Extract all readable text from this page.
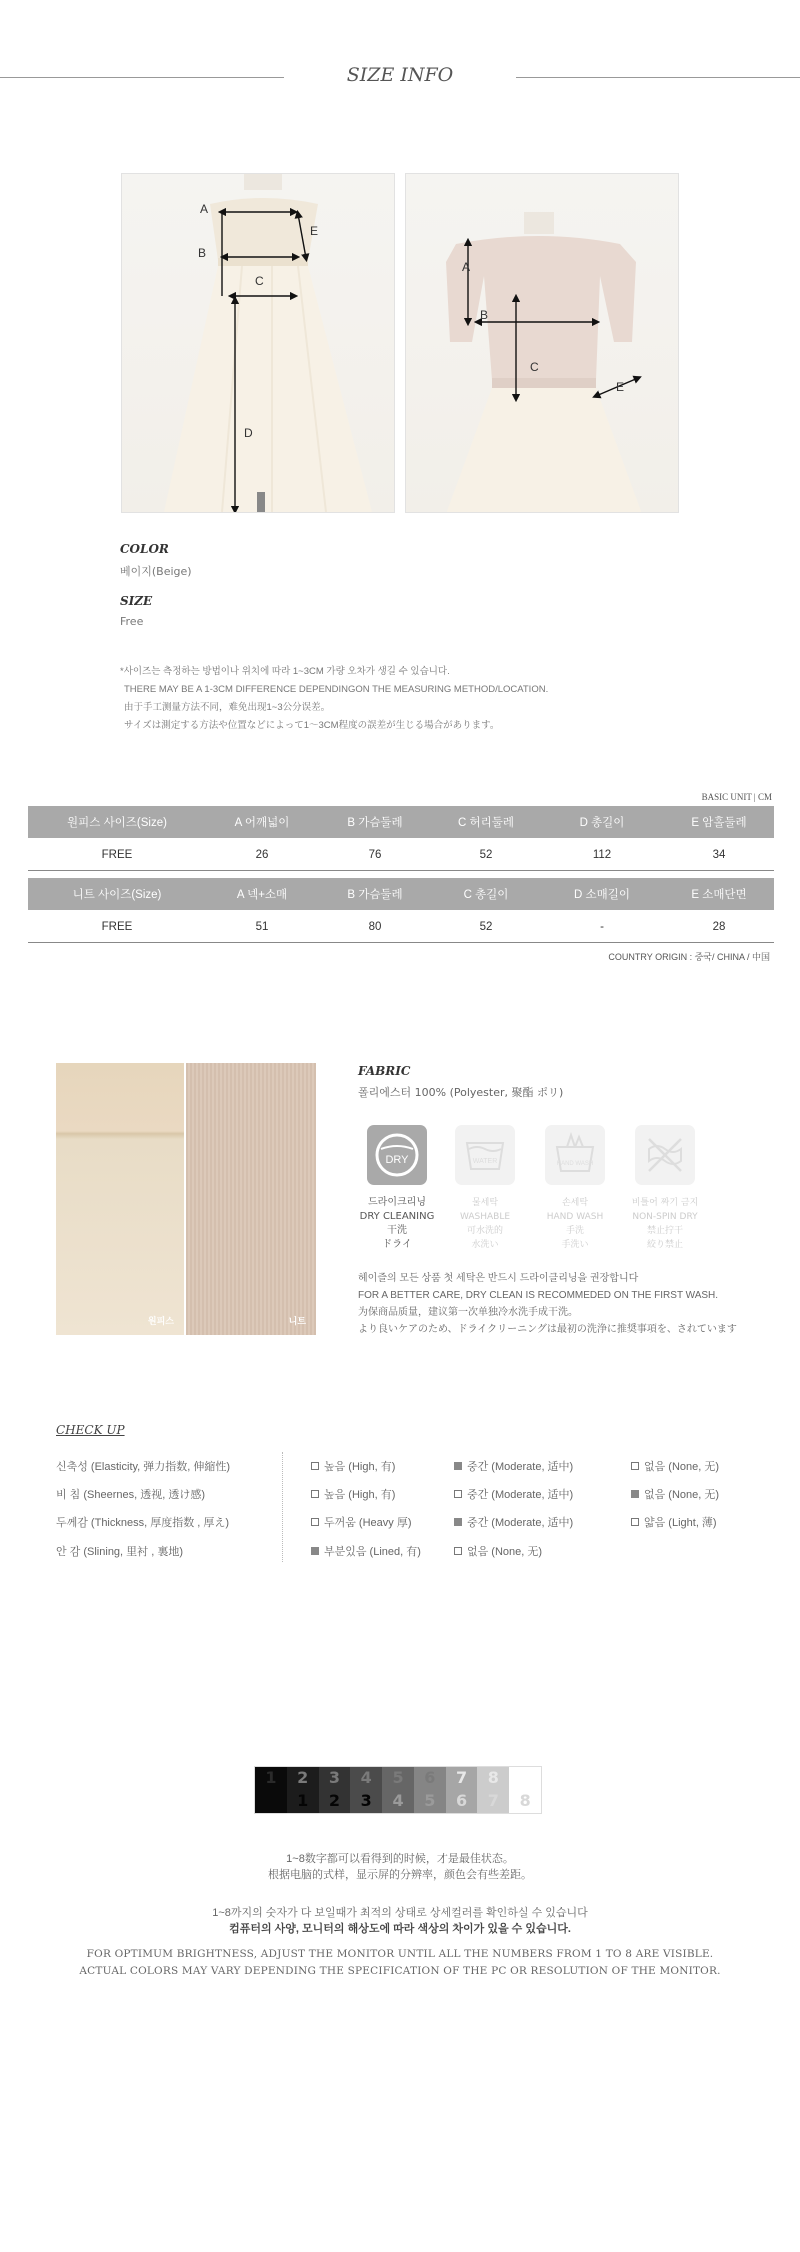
SIZE INFO
A
B
C
D
E
A
B
C
E
COLOR
베이지(Beige)
SIZE
Free
*사이즈는 측정하는 방법이나 위치에 따라 1~3CM 가량 오차가 생길 수 있습니다.
THERE MAY BE A 1-3CM DIFFERENCE DEPENDINGON THE MEASURING METHOD/LOCATION.
由于手工测量方法不同，难免出现1~3公分误差。
サイズは測定する方法や位置などによって1～3CM程度の誤差が生じる場合があります。
BASIC UNIT | CM
원피스 사이즈(Size)	A 어깨넓이	B 가슴둘레	C 허리둘레	D 총길이	E 암홀둘레
FREE	26	76	52	112	34
니트 사이즈(Size)	A 넥+소매	B 가슴둘레	C 총길이	D 소매길이	E 소매단면
FREE	51	80	52	-	28
COUNTRY ORIGIN : 중국/ CHINA / 中国
원피스	니트
FABRIC
폴리에스터 100% (Polyester, 聚酯 ポリ)
DRY	WATER	HAND WASH
드라이크리닝
DRY CLEANING
干洗
ドライ
물세탁
WASHABLE
可水洗的
水洗い
손세탁
HAND WASH
手洗
手洗い
비틀어 짜기 금지
NON-SPIN DRY
禁止拧干
絞り禁止
헤이즐의 모든 상품 첫 세탁은 반드시 드라이클리닝을 권장합니다
FOR A BETTER CARE, DRY CLEAN IS RECOMMEDED ON THE FIRST WASH.
为保商品质量，建议第一次单独冷水洗手成干洗。
より良いケアのため、ドライクリーニングは最初の洗浄に推奨事項を、されています
CHECK UP
신축성 (Elasticity, 弹力指数, 伸縮性)	높음 (High, 有)	중간 (Moderate, 适中)	없음 (None, 无)
비 침 (Sheernes, 透视, 透け感)	높음 (High, 有)	중간 (Moderate, 适中)	없음 (None, 无)
두께감 (Thickness, 厚度指数 , 厚え)	두꺼움 (Heavy 厚)	중간 (Moderate, 适中)	얇음 (Light, 薄)
안 감 (Slining, 里衬 , 裏地)	부분있음 (Lined, 有)	없음 (None, 无)
1	2
1
3
2
4
3
5
4
6
5
7
6
8
7	8
1~8数字都可以看得到的时候，才是最佳状态。
根据电脑的式样，显示屏的分辨率，颜色会有些差距。
1~8까지의 숫자가 다 보일때가 최적의 상태로 상세컬러를 확인하실 수 있습니다
컴퓨터의 사양, 모니터의 해상도에 따라 색상의 차이가 있을 수 있습니다.
FOR OPTIMUM BRIGHTNESS, ADJUST THE MONITOR UNTIL ALL THE NUMBERS FROM 1 TO 8 ARE VISIBLE.
ACTUAL COLORS MAY VARY DEPENDING THE SPECIFICATION OF THE PC OR RESOLUTION OF THE MONITOR.
